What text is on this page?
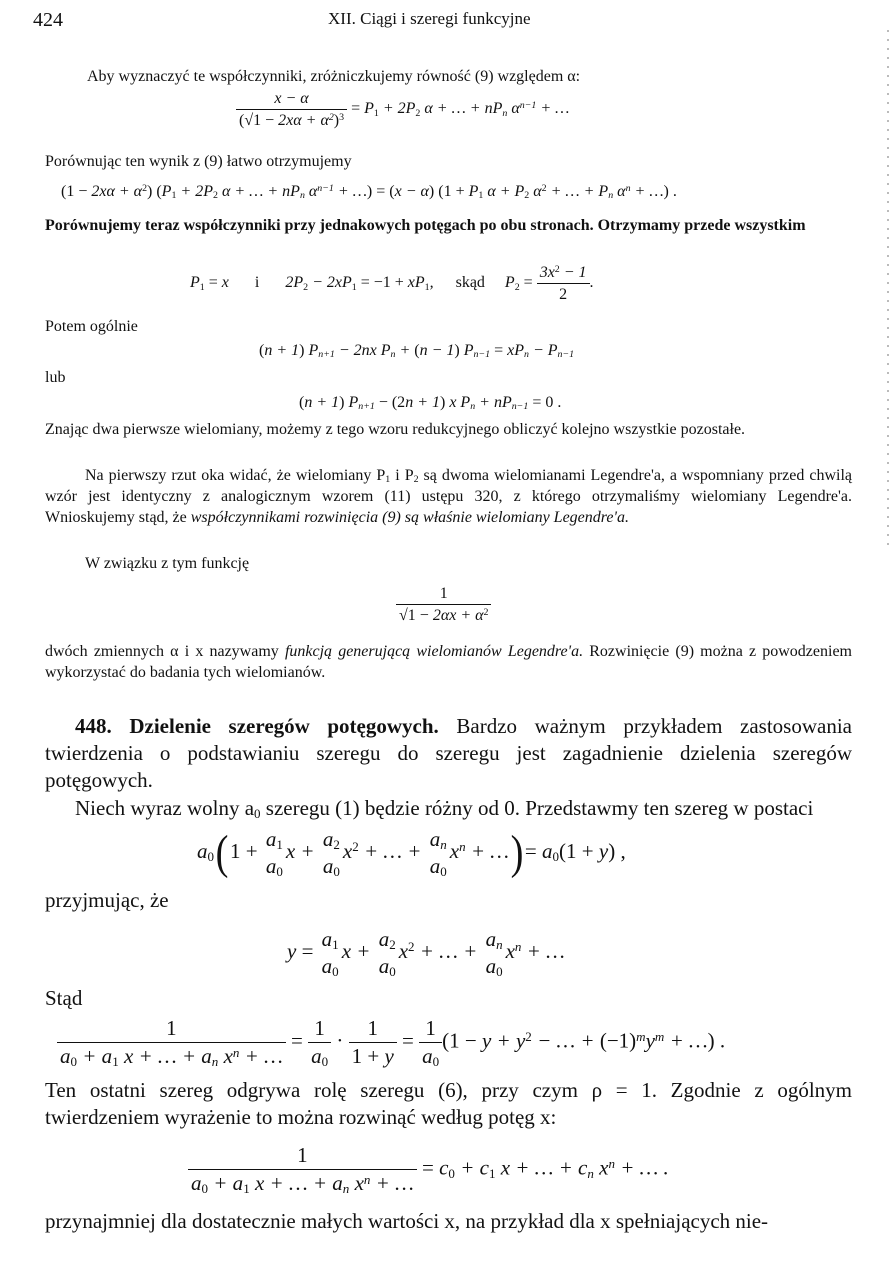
424	XII. Ciągi i szeregi funkcyjne
Aby wyznaczyć te współczynniki, zróżniczkujemy równość (9) względem α:
$\frac{x - \alpha}{(√1 - 2x\alpha + \alpha^2)^3} = P_1 + 2P_2$ α + … + $nP_n$ $\alpha^{n-1}$ + …
Porównując ten wynik z (9) łatwo otrzymujemy
$(1 - 2x\alpha + \alpha^2)$ ($P_1 + 2P_2$ α + … + $nP_n$ $\alpha^{n-1}$ + …) = (x − α) ($1 + P_1$ $\alpha + P_2$ $\alpha^2$ + … + $P_n$ $\alpha^n$ + …) .

Porównujemy teraz współczynniki przy jednakowych potęgach po obu stronach. Otrzymamy przede wszystkim

$P_1 = x$ i $2P_2 - 2xP_1 = -1 + xP_1$, skąd $P_2 = \frac{3x^2 - 1}{2}$ .
Potem ogólnie
(n + 1) $P_{n+1} - 2nx$ $P_n + (n - 1) P_{n-1} = xP_n - P_{n-1}$
lub
(n + 1) $P_{n+1} - (2n + 1)$ x $P_n + nP_{n-1} = 0$ .

Znając dwa pierwsze wielomiany, możemy z tego wzoru redukcyjnego obliczyć kolejno wszystkie pozostałe.

Na pierwszy rzut oka widać, że wielomiany $P_1$ i $P_2$ są dwoma wielomianami Legendre'a, a wspomniany przed chwilą wzór jest identyczny z analogicznym wzorem (11) ustępu 320, z którego otrzymaliśmy wielomiany Legendre'a. Wnioskujemy stąd, że współczynnikami rozwinięcia (9) są właśnie wielomiany Legendre'a.

W związku z tym funkcję
$\frac{1}{√1 - 2\alpha x + \alpha^2}$

dwóch zmiennych α i x nazywamy funkcją generującą wielomianów Legendre'a. Rozwinięcie (9) można z powodzeniem wykorzystać do badania tych wielomianów.

448. Dzielenie szeregów potęgowych. Bardzo ważnym przykładem zastosowania twierdzenia o podstawianiu szeregu do szeregu jest zagadnienie dzielenia szeregów potęgowych.

Niech wyraz wolny $a_0$ szeregu (1) będzie różny od 0. Przedstawmy ten szereg w postaci
$a_0(1 + a_1$
$a_0$
$x + a_2$
$a_0$
$x^2$ + … + $a_n$
$a_0$
$x^n$ + …)= $a_0(1 + y)$ ,
przyjmując, że
$y = a_1$
$a_0$
$x + a_2$
$a_0$
$x^2$ + … + $a_n$
$a_0$
$x^n$ + …
Stąd
$\frac{1}{a_0 + a_1 x + \dots + a_n x^n + \dots} = \frac{1}{a_0} \cdot \frac{1}{1 + y} = \frac{1}{a_0} (1 - y + y^2$ − … + $(-1)^my^m$ + …) .

Ten ostatni szereg odgrywa rolę szeregu (6), przy czym ρ = 1. Zgodnie z ogólnym twierdzeniem wyrażenie to można rozwinąć według potęg x:

$\frac{1}{a_0 + a_1 x + \dots + a_n x^n + \dots} = c_0 + c_1$ x + … + $c_n$ $x^n$ + … .
przynajmniej dla dostatecznie małych wartości x, na przykład dla x spełniających nie-
